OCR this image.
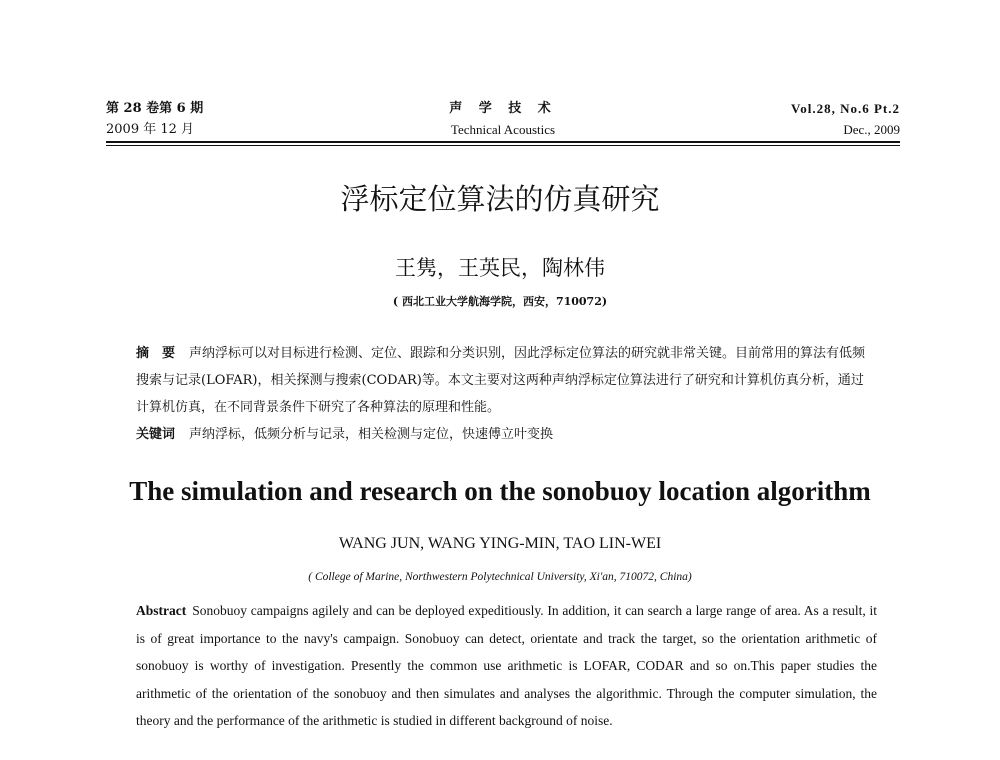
第 28 卷第 6 期
2009 年 12 月
声 学 技 术
Technical Acoustics
Vol.28, No.6 Pt.2
Dec., 2009
浮标定位算法的仿真研究
王隽，王英民，陶林伟
( 西北工业大学航海学院，西安，710072)
摘　要 声纳浮标可以对目标进行检测、定位、跟踪和分类识别，因此浮标定位算法的研究就非常关键。目前常用的算法有低频搜索与记录(LOFAR)，相关探测与搜索(CODAR)等。本文主要对这两种声纳浮标定位算法进行了研究和计算机仿真分析，通过计算机仿真，在不同背景条件下研究了各种算法的原理和性能。
关键词 声纳浮标，低频分析与记录，相关检测与定位，快速傅立叶变换
The simulation and research on the sonobuoy location algorithm
WANG JUN, WANG YING-MIN, TAO LIN-WEI
( College of Marine, Northwestern Polytechnical University, Xi'an, 710072, China)
Abstract Sonobuoy campaigns agilely and can be deployed expeditiously. In addition, it can search a large range of area. As a result, it is of great importance to the navy's campaign. Sonobuoy can detect, orientate and track the target, so the orientation arithmetic of sonobuoy is worthy of investigation. Presently the common use arithmetic is LOFAR, CODAR and so on.This paper studies the arithmetic of the orientation of the sonobuoy and then simulates and analyses the algorithmic. Through the computer simulation, the theory and the performance of the arithmetic is studied in different background of noise.
